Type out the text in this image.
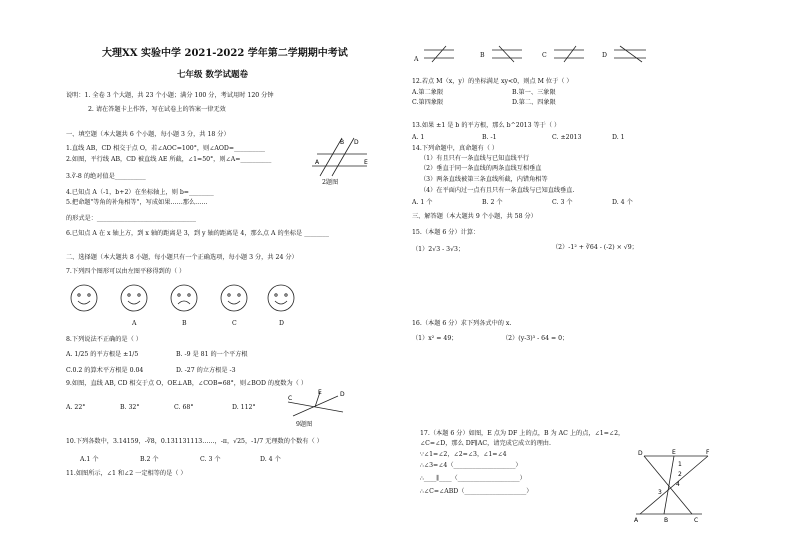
大理XX 实验中学 2021-2022 学年第二学期期中考试
七年级 数学试题卷
说明：1. 全卷 3 个大题，共 23 个小题；满分 100 分，考试用时 120 分钟
2. 请在答题卡上作答，写在试卷上的答案一律无效
一、填空题（本大题共 6 个小题，每小题 3 分，共 18 分）
1.直线 AB，CD 相交于点 O，若∠AOC=100°，则∠AOD=__________
2.如图，平行线 AB，CD 被直线 AE 所截，∠1=50°，则∠A=__________
3.∛-8 的绝对值是__________
4.已知点 A（-1，b+2）在坐标轴上，则 b=________
5.把命题"等角的补角相等"，写成如果……那么……
的形式是：________________________________
6.已知点 A 在 x 轴上方，到 x 轴的距离是 3，到 y 轴的距离是 4，那么点 A 的坐标是 ________
A
B D
E
2题图
二、选择题（本大题共 8 小题，每小题只有一个正确选项，每小题 3 分，共 24 分）
7.下列四个图形可以由左图平移得到的（ ）
A	B	C	D
8.下列说法不正确的是（ ）
A. 1/25 的平方根是 ±1/5	B. -9 是 81 的一个平方根
C.0.2 的算术平方根是 0.04	D. -27 的立方根是 -3
9.如图，直线 AB, CD 相交于点 O，OE⊥AB，∠COB=68°，则∠BOD 的度数为（ ）
A. 22°	B. 32°	C. 68°	D. 112°
C
D
E
9题图
10.下列各数中，3.14159，-∛8，0.131131113……，-π，√25，-1/7 无理数的个数有（ ）
A.1 个	B.2 个	C. 3 个	D. 4 个
11.如图所示，∠1 和∠2 一定相等的是（ ）
A
B	C	D
12.若点 M（x，y）的坐标满足 xy<0，则点 M 位于（ ）
A.第二象限	B.第一、三象限
C.第四象限	D.第二、四象限
13.如果 ±1 是 b 的平方根，那么 b^2013 等于（ ）
A. 1	B. -1	C. ±2013	D. 1
14.下列命题中，真命题有（ ）
（1）有且只有一条直线与已知直线平行
（2）垂直于同一条直线的两条直线互相垂直
（3）两条直线被第三条直线所截，内错角相等
（4）在平面内过一点有且只有一条直线与已知直线垂直.
A. 1 个	B. 2 个	C. 3 个	D. 4 个
三、解答题（本大题共 9 个小题，共 58 分）
15.（本题 6 分）计算：
（1）2√3 - 3√3；	（2）-1² + ∛64 - (-2) × √9；
16.（本题 6 分）求下列各式中的 x.
（1）x² = 49；	（2）(y-3)³ - 64 = 0；
17.（本题 6 分）如图，E 点为 DF 上的点，B 为 AC 上的点，∠1=∠2，
∠C=∠D，那么 DF∥AC，请完成它成立的理由.
∵∠1=∠2，∠2=∠3，∠1=∠4
∴∠3=∠4（____________________）
∴____∥____（____________________）
∴∠C=∠ABD（____________________）
D	E	F
A	B	C
1
2
3
4
